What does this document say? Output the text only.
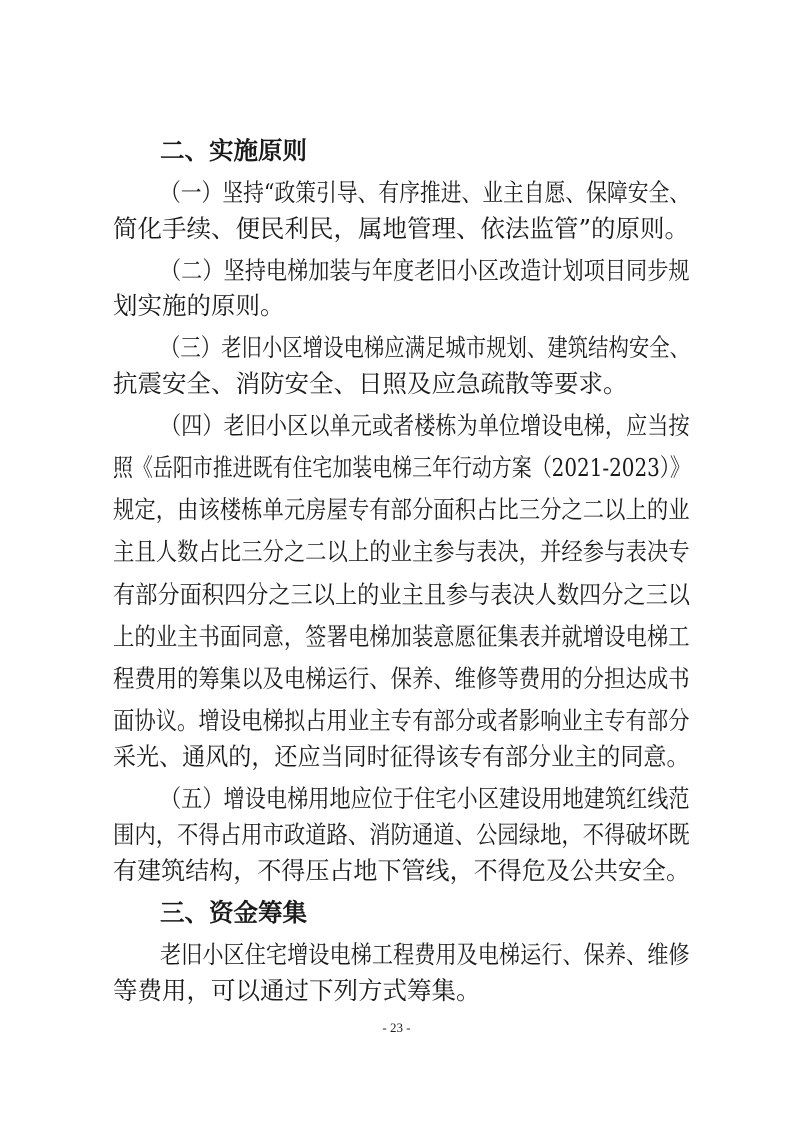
二、实施原则
（一）坚持“政策引导、有序推进、业主自愿、保障安全、
简化手续、便民利民，属地管理、依法监管”的原则。
（二）坚持电梯加装与年度老旧小区改造计划项目同步规
划实施的原则。
（三）老旧小区增设电梯应满足城市规划、建筑结构安全、
抗震安全、消防安全、日照及应急疏散等要求。
（四）老旧小区以单元或者楼栋为单位增设电梯，应当按
照《岳阳市推进既有住宅加装电梯三年行动方案（2021-2023）》
规定，由该楼栋单元房屋专有部分面积占比三分之二以上的业
主且人数占比三分之二以上的业主参与表决，并经参与表决专
有部分面积四分之三以上的业主且参与表决人数四分之三以
上的业主书面同意，签署电梯加装意愿征集表并就增设电梯工
程费用的筹集以及电梯运行、保养、维修等费用的分担达成书
面协议。增设电梯拟占用业主专有部分或者影响业主专有部分
采光、通风的，还应当同时征得该专有部分业主的同意。
（五）增设电梯用地应位于住宅小区建设用地建筑红线范
围内，不得占用市政道路、消防通道、公园绿地，不得破坏既
有建筑结构，不得压占地下管线，不得危及公共安全。
三、资金筹集
老旧小区住宅增设电梯工程费用及电梯运行、保养、维修
等费用，可以通过下列方式筹集。
- 23 -
